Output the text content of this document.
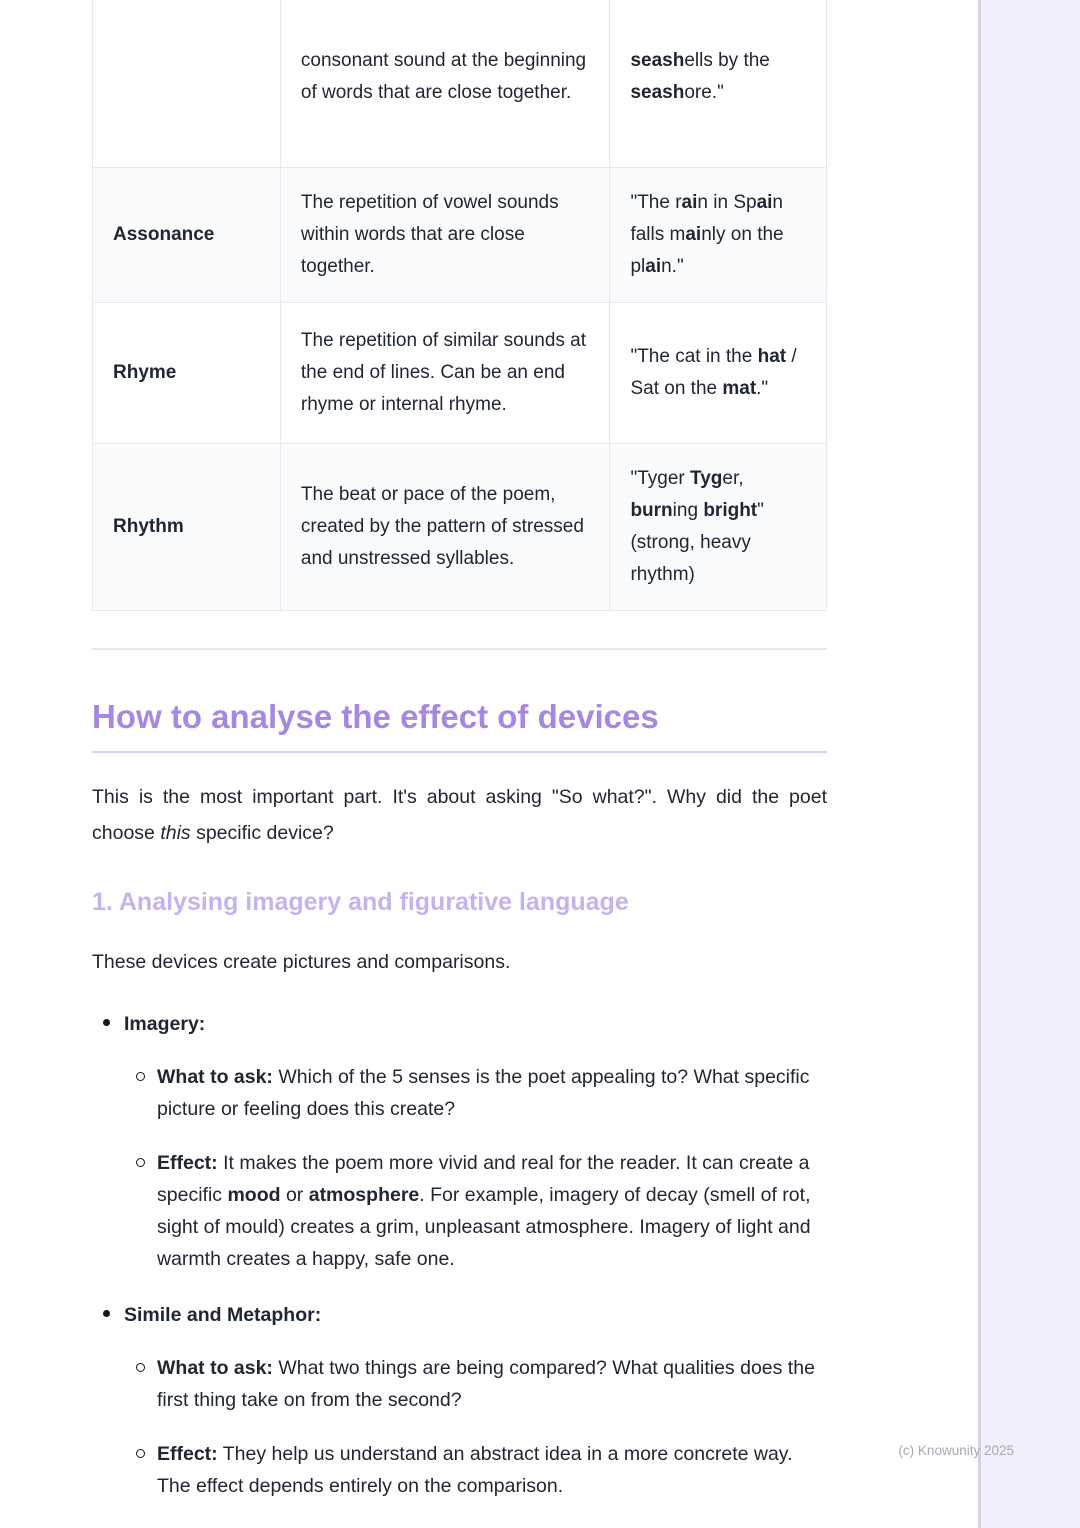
	consonant sound at the beginning of words that are close together.	seashells by the seashore."
Assonance	The repetition of vowel sounds within words that are close together.	"The rain in Spain falls mainly on the plain."
Rhyme	The repetition of similar sounds at the end of lines. Can be an end rhyme or internal rhyme.	"The cat in the hat / Sat on the mat."
Rhythm	The beat or pace of the poem, created by the pattern of stressed and unstressed syllables.	"Tyger Tyger, burning bright" (strong, heavy rhythm)
How to analyse the effect of devices

This is the most important part. It's about asking "So what?". Why did the poet choose this specific device?

1. Analysing imagery and figurative language

These devices create pictures and comparisons.

Imagery:
What to ask: Which of the 5 senses is the poet appealing to? What specific picture or feeling does this create?
Effect: It makes the poem more vivid and real for the reader. It can create a specific mood or atmosphere. For example, imagery of decay (smell of rot, sight of mould) creates a grim, unpleasant atmosphere. Imagery of light and warmth creates a happy, safe one.
Simile and Metaphor:
What to ask: What two things are being compared? What qualities does the first thing take on from the second?
Effect: They help us understand an abstract idea in a more concrete way. The effect depends entirely on the comparison.
(c) Knowunity 2025
